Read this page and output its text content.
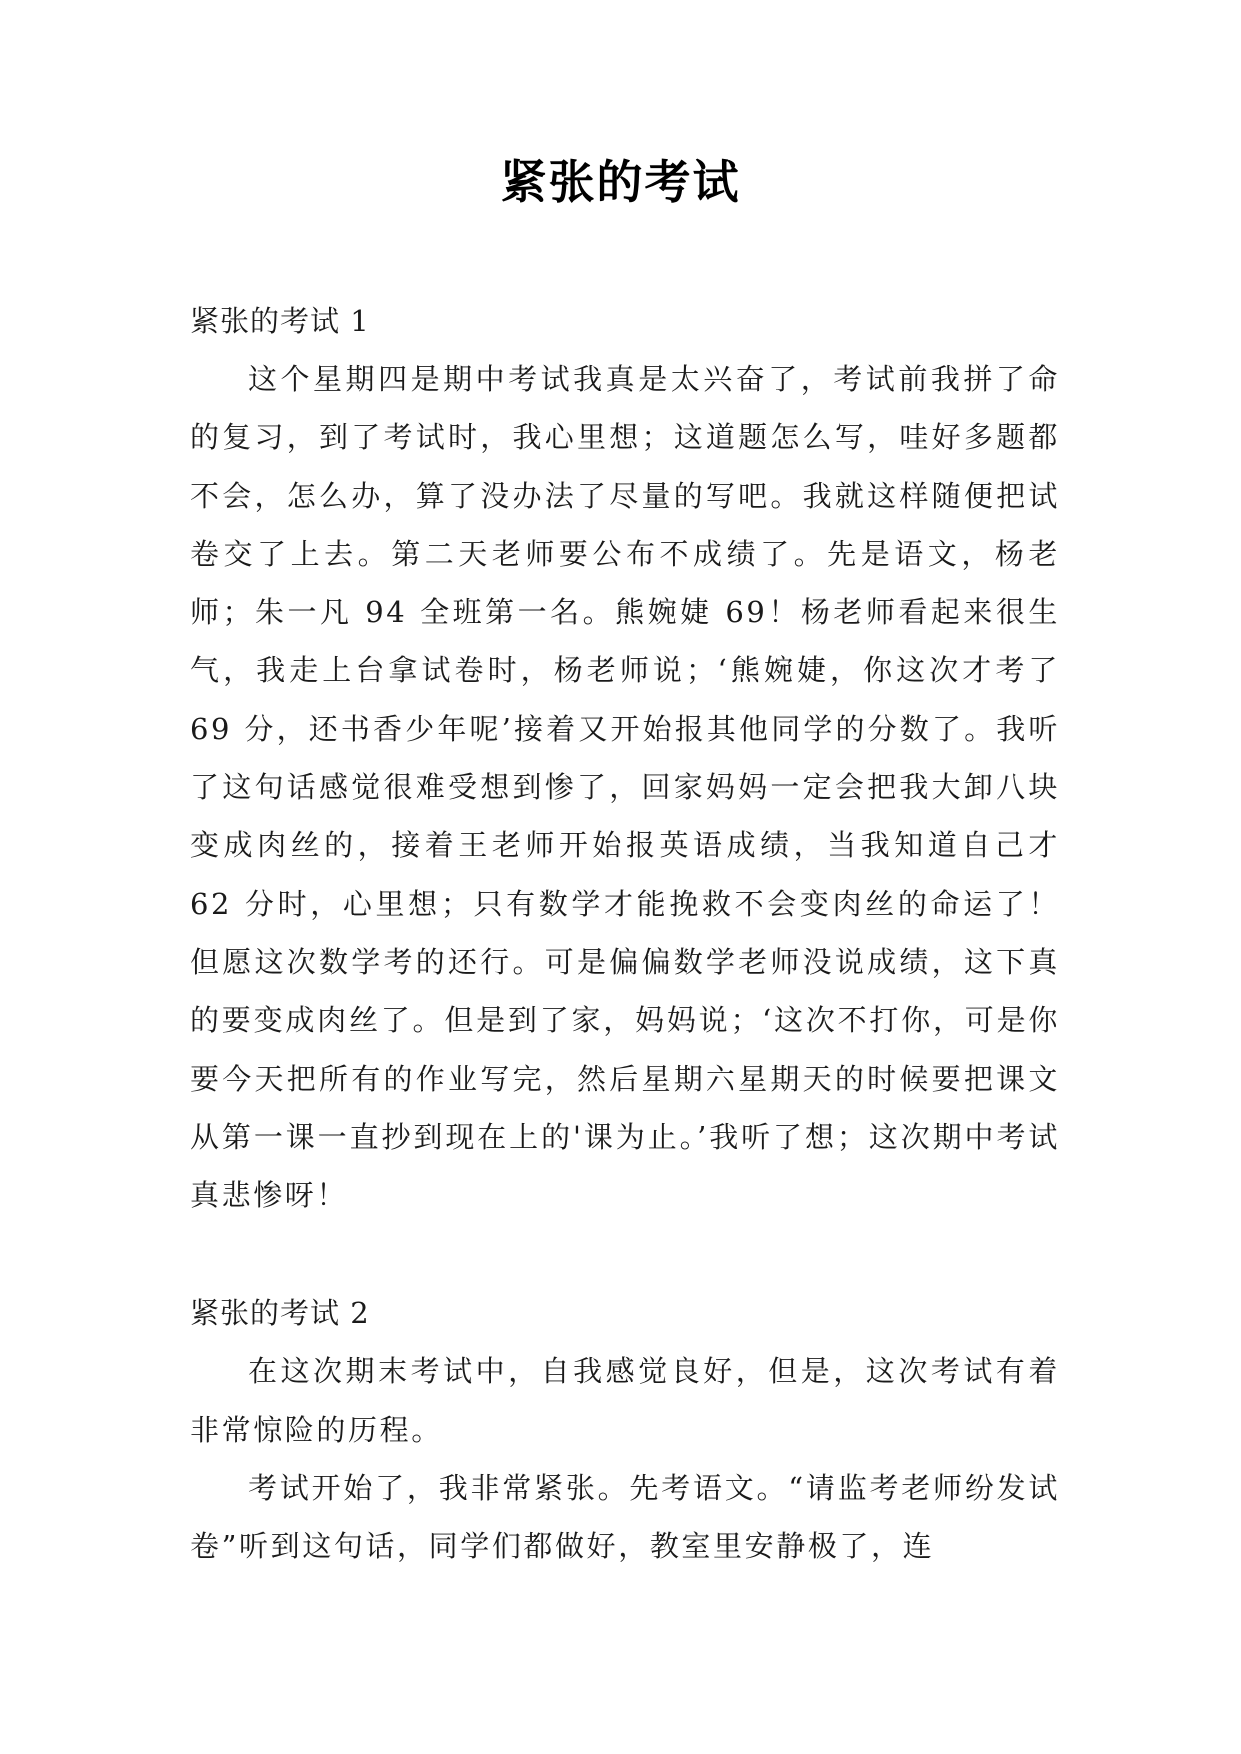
紧张的考试

紧张的考试 1

这个星期四是期中考试我真是太兴奋了，考试前我拼了命的复习，到了考试时，我心里想；这道题怎么写，哇好多题都不会，怎么办，算了没办法了尽量的写吧。我就这样随便把试卷交了上去。第二天老师要公布不成绩了。先是语文，杨老师；朱一凡 94 全班第一名。熊婉婕 69！杨老师看起来很生气，我走上台拿试卷时，杨老师说；‘熊婉婕，你这次才考了 69 分，还书香少年呢’接着又开始报其他同学的分数了。我听了这句话感觉很难受想到惨了，回家妈妈一定会把我大卸八块变成肉丝的，接着王老师开始报英语成绩，当我知道自己才 62 分时，心里想；只有数学才能挽救不会变肉丝的命运了！但愿这次数学考的还行。可是偏偏数学老师没说成绩，这下真的要变成肉丝了。但是到了家，妈妈说；‘这次不打你，可是你要今天把所有的作业写完，然后星期六星期天的时候要把课文从第一课一直抄到现在上的'课为止。’我听了想；这次期中考试真悲惨呀！

紧张的考试 2

在这次期末考试中，自我感觉良好，但是，这次考试有着非常惊险的历程。

考试开始了，我非常紧张。先考语文。“请监考老师纷发试卷”听到这句话，同学们都做好，教室里安静极了，连
